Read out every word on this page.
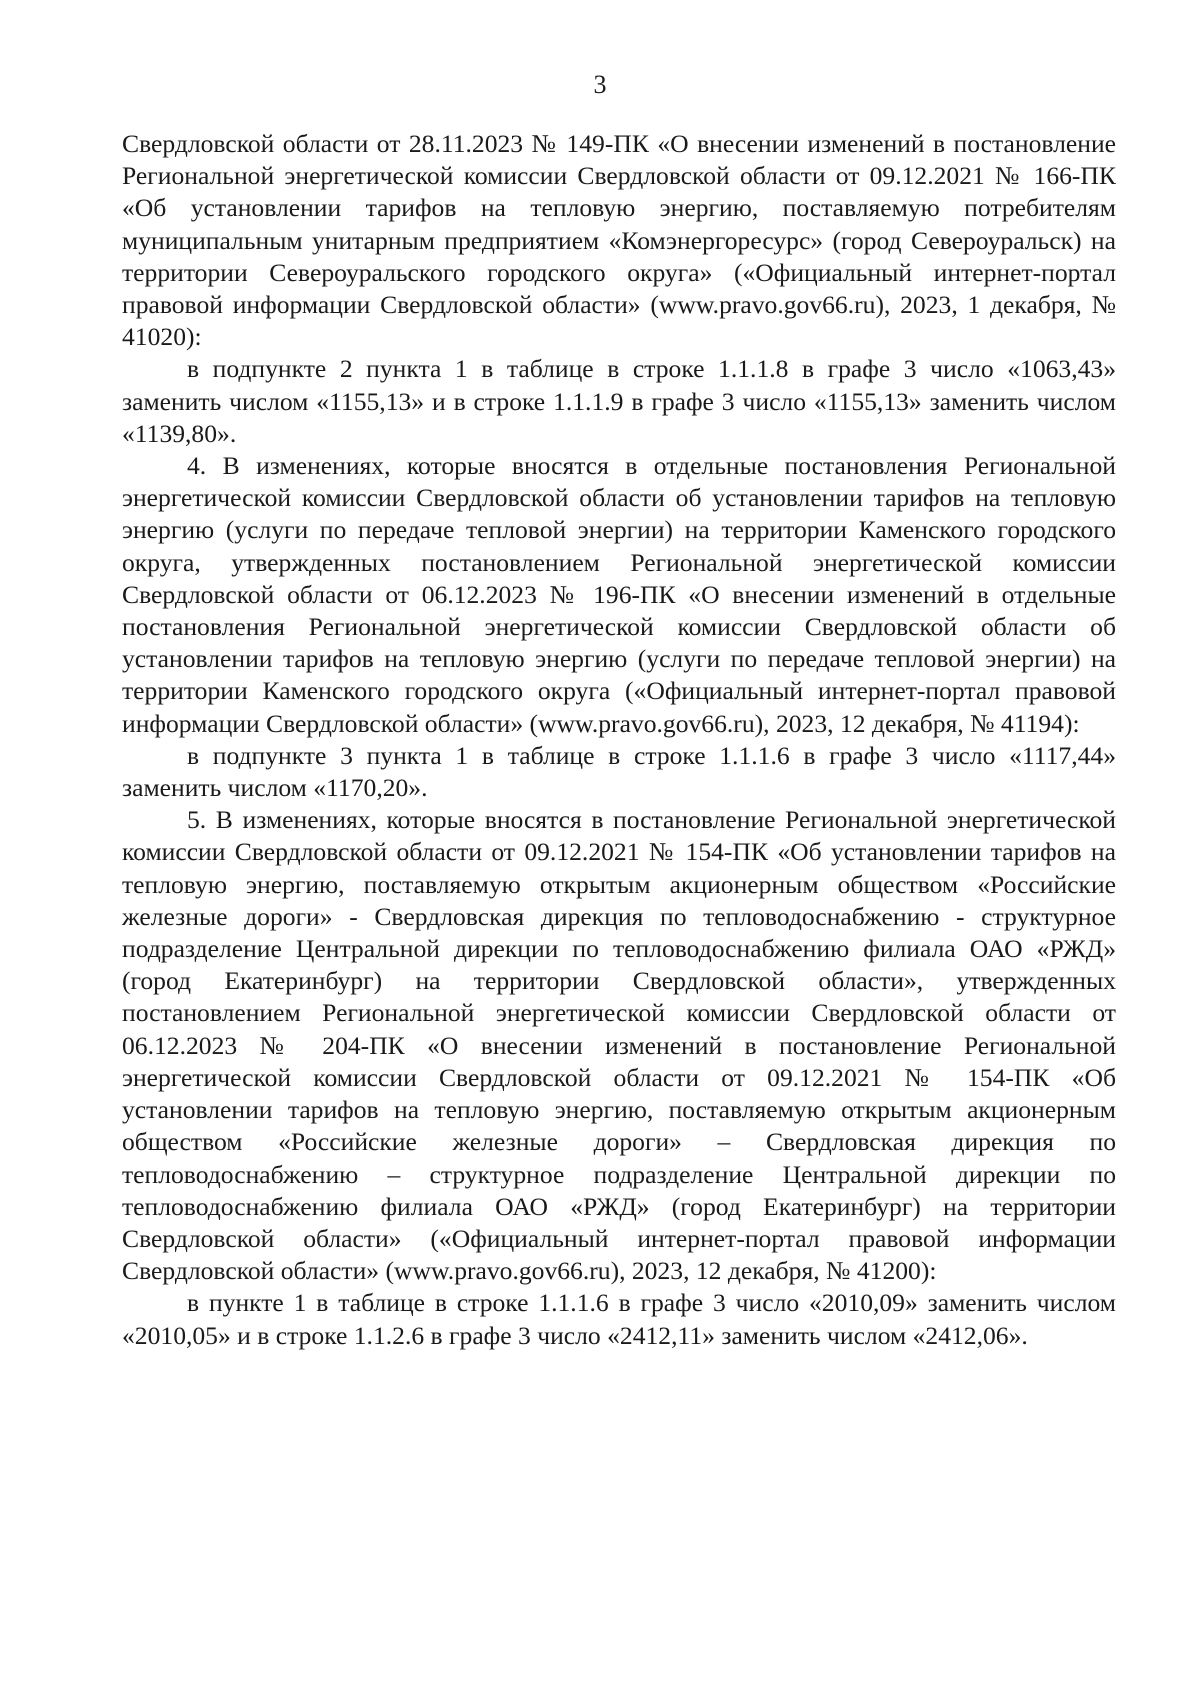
3

Свердловской области от 28.11.2023 № 149-ПК «О внесении изменений в постановление Региональной энергетической комиссии Свердловской области от 09.12.2021 № 166-ПК «Об установлении тарифов на тепловую энергию, поставляемую потребителям муниципальным унитарным предприятием «Комэнергоресурс» (город Североуральск) на территории Североуральского городского округа» («Официальный интернет-портал правовой информации Свердловской области» (www.pravo.gov66.ru), 2023, 1 декабря, № 41020):

в подпункте 2 пункта 1 в таблице в строке 1.1.1.8 в графе 3 число «1063,43» заменить числом «1155,13» и в строке 1.1.1.9 в графе 3 число «1155,13» заменить числом «1139,80».

4. В изменениях, которые вносятся в отдельные постановления Региональной энергетической комиссии Свердловской области об установлении тарифов на тепловую энергию (услуги по передаче тепловой энергии) на территории Каменского городского округа, утвержденных постановлением Региональной энергетической комиссии Свердловской области от 06.12.2023 № 196-ПК «О внесении изменений в отдельные постановления Региональной энергетической комиссии Свердловской области об установлении тарифов на тепловую энергию (услуги по передаче тепловой энергии) на территории Каменского городского округа («Официальный интернет-портал правовой информации Свердловской области» (www.pravo.gov66.ru), 2023, 12 декабря, № 41194):

в подпункте 3 пункта 1 в таблице в строке 1.1.1.6 в графе 3 число «1117,44» заменить числом «1170,20».

5. В изменениях, которые вносятся в постановление Региональной энергетической комиссии Свердловской области от 09.12.2021 № 154-ПК «Об установлении тарифов на тепловую энергию, поставляемую открытым акционерным обществом «Российские железные дороги» - Свердловская дирекция по тепловодоснабжению - структурное подразделение Центральной дирекции по тепловодоснабжению филиала ОАО «РЖД» (город Екатеринбург) на территории Свердловской области», утвержденных постановлением Региональной энергетической комиссии Свердловской области от 06.12.2023 № 204-ПК «О внесении изменений в постановление Региональной энергетической комиссии Свердловской области от 09.12.2021 № 154-ПК «Об установлении тарифов на тепловую энергию, поставляемую открытым акционерным обществом «Российские железные дороги» – Свердловская дирекция по тепловодоснабжению – структурное подразделение Центральной дирекции по тепловодоснабжению филиала ОАО «РЖД» (город Екатеринбург) на территории Свердловской области» («Официальный интернет-портал правовой информации Свердловской области» (www.pravo.gov66.ru), 2023, 12 декабря, № 41200):

в пункте 1 в таблице в строке 1.1.1.6 в графе 3 число «2010,09» заменить числом «2010,05» и в строке 1.1.2.6 в графе 3 число «2412,11» заменить числом «2412,06».
